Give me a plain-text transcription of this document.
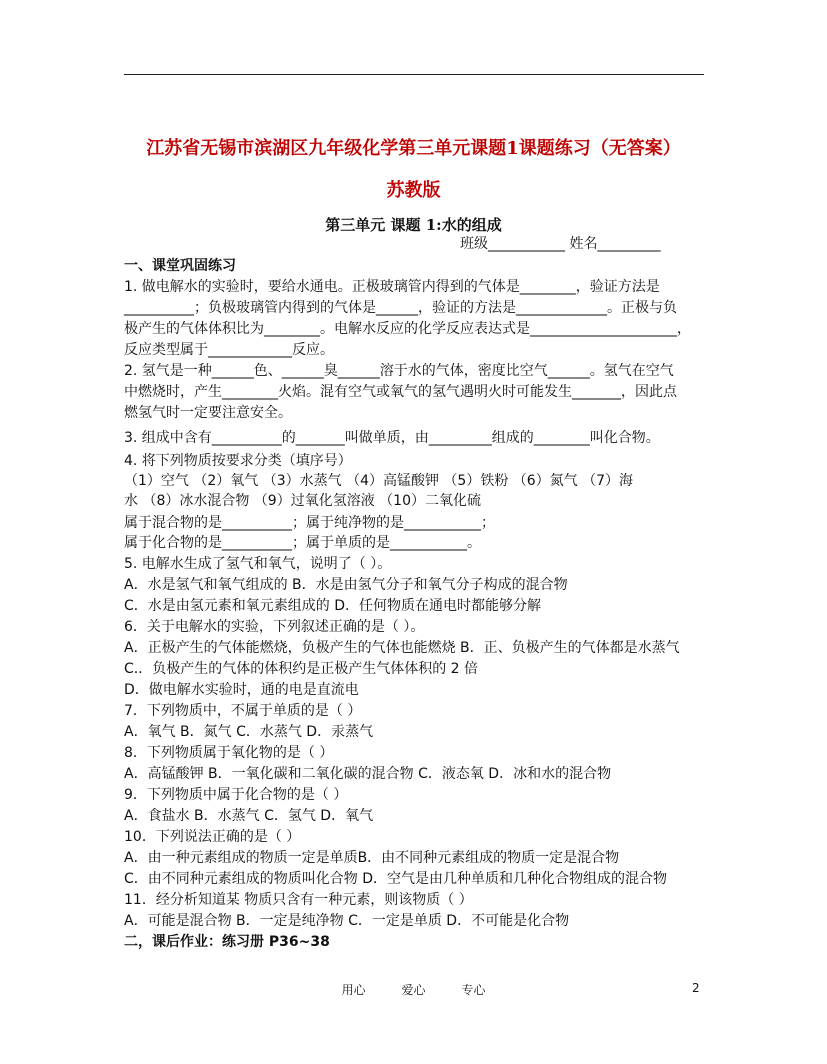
江苏省无锡市滨湖区九年级化学第三单元课题1课题练习（无答案）
苏教版
第三单元 课题 1:水的组成
班级___________ 姓名_________
一、课堂巩固练习
1. 做电解水的实验时，要给水通电。正极玻璃管内得到的气体是________，验证方法是
__________；负极玻璃管内得到的气体是______，验证的方法是_____________。正极与负
极产生的气体体积比为________。电解水反应的化学反应表达式是_____________________，
反应类型属于____________反应。
2. 氢气是一种______色、______臭______溶于水的气体，密度比空气______。氢气在空气
中燃烧时，产生________火焰。混有空气或氧气的氢气遇明火时可能发生_______，因此点
燃氢气时一定要注意安全。
3. 组成中含有__________的_______叫做单质，由_________组成的________叫化合物。
4. 将下列物质按要求分类（填序号）
（1）空气 （2）氧气 （3）水蒸气 （4）高锰酸钾 （5）铁粉 （6）氮气 （7）海
水 （8）冰水混合物 （9）过氧化氢溶液 （10）二氧化硫
属于混合物的是__________；属于纯净物的是___________；
属于化合物的是__________；属于单质的是___________。
5. 电解水生成了氢气和氧气，说明了（ ）。
A．水是氢气和氧气组成的 B．水是由氢气分子和氧气分子构成的混合物
C．水是由氢元素和氧元素组成的 D．任何物质在通电时都能够分解
6．关于电解水的实验，下列叙述正确的是（ ）。
A．正极产生的气体能燃烧，负极产生的气体也能燃烧 B．正、负极产生的气体都是水蒸气
C.．负极产生的气体的体积约是正极产生气体体积的 2 倍
D．做电解水实验时，通的电是直流电
7．下列物质中，不属于单质的是（ ）
A．氧气 B．氮气 C．水蒸气 D．汞蒸气
8．下列物质属于氧化物的是（ ）
A．高锰酸钾 B．一氧化碳和二氧化碳的混合物 C．液态氧 D．冰和水的混合物
9．下列物质中属于化合物的是（ ）
A．食盐水 B．水蒸气 C．氢气 D．氧气
10．下列说法正确的是（ ）
A．由一种元素组成的物质一定是单质B．由不同种元素组成的物质一定是混合物
C．由不同种元素组成的物质叫化合物 D．空气是由几种单质和几种化合物组成的混合物
11．经分析知道某 物质只含有一种元素，则该物质（ ）
A．可能是混合物 B．一定是纯净物 C．一定是单质 D．不可能是化合物
二，课后作业：练习册 P36~38
用心	爱心	专心	2
